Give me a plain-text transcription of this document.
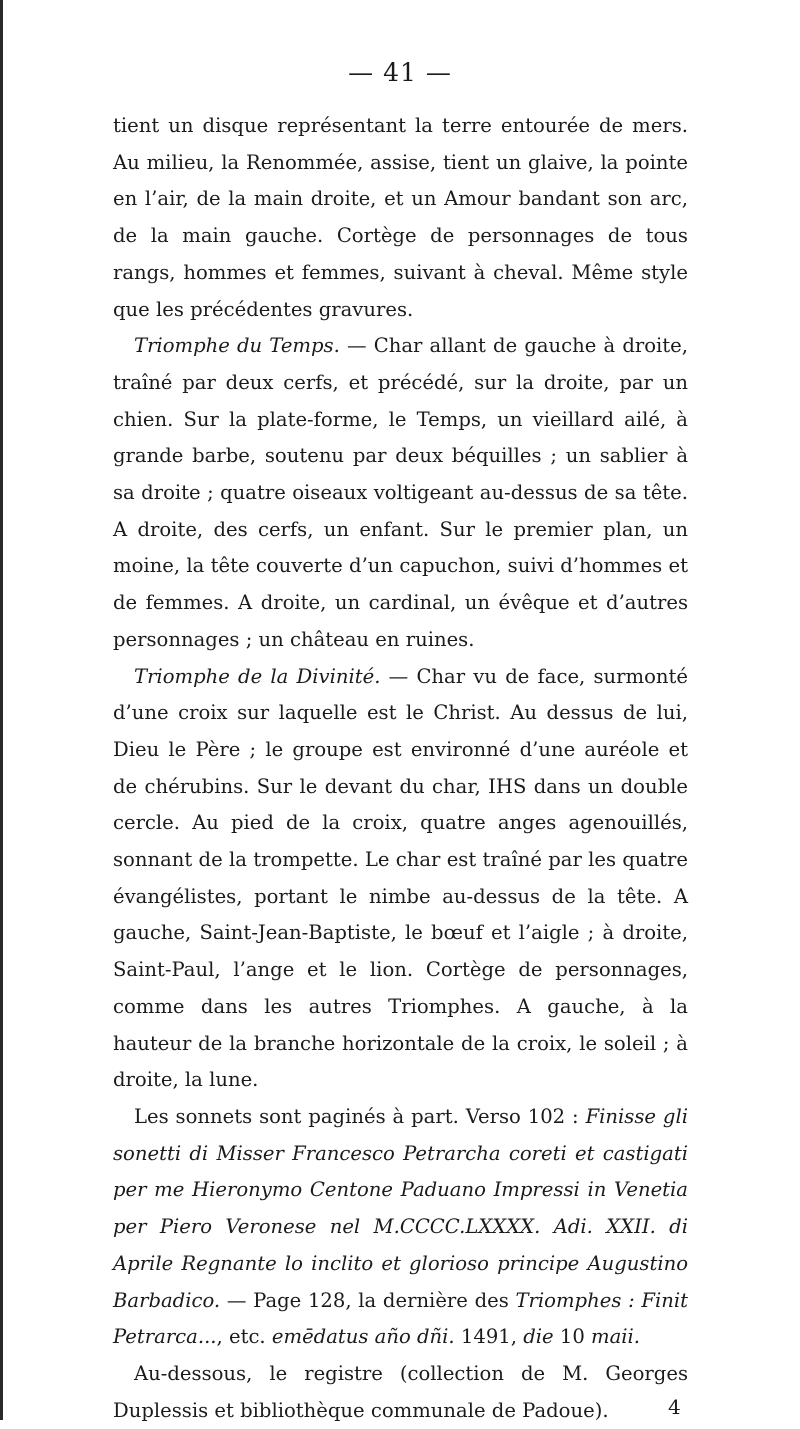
— 41 —

tient un disque représentant la terre entourée de mers. Au milieu, la Renommée, assise, tient un glaive, la pointe en l’air, de la main droite, et un Amour bandant son arc, de la main gauche. Cortège de personnages de tous rangs, hommes et femmes, suivant à cheval. Même style que les précédentes gravures.

Triomphe du Temps. — Char allant de gauche à droite, traîné par deux cerfs, et précédé, sur la droite, par un chien. Sur la plate-forme, le Temps, un vieillard ailé, à grande barbe, soutenu par deux béquilles ; un sablier à sa droite ; quatre oiseaux voltigeant au-dessus de sa tête. A droite, des cerfs, un enfant. Sur le premier plan, un moine, la tête couverte d’un capuchon, suivi d’hommes et de femmes. A droite, un cardinal, un évêque et d’autres personnages ; un château en ruines.

Triomphe de la Divinité. — Char vu de face, surmonté d’une croix sur laquelle est le Christ. Au dessus de lui, Dieu le Père ; le groupe est environné d’une auréole et de chérubins. Sur le devant du char, IHS dans un double cercle. Au pied de la croix, quatre anges agenouillés, sonnant de la trompette. Le char est traîné par les quatre évangélistes, portant le nimbe au-dessus de la tête. A gauche, Saint-Jean-Baptiste, le bœuf et l’aigle ; à droite, Saint-Paul, l’ange et le lion. Cortège de personnages, comme dans les autres Triomphes. A gauche, à la hauteur de la branche horizontale de la croix, le soleil ; à droite, la lune.

Les sonnets sont paginés à part. Verso 102 : Finisse gli sonetti di Misser Francesco Petrarcha coreti et castigati per me Hieronymo Centone Paduano Impressi in Venetia per Piero Veronese nel M.CCCC.LXXXX. Adi. XXII. di Aprile Regnante lo inclito et glorioso principe Augustino Barbadico. — Page 128, la dernière des Triomphes : Finit Petrarca..., etc. emēdatus año dñi. 1491, die 10 maii.

Au-dessous, le registre (collection de M. Georges Duplessis et bibliothèque communale de Padoue).	4
